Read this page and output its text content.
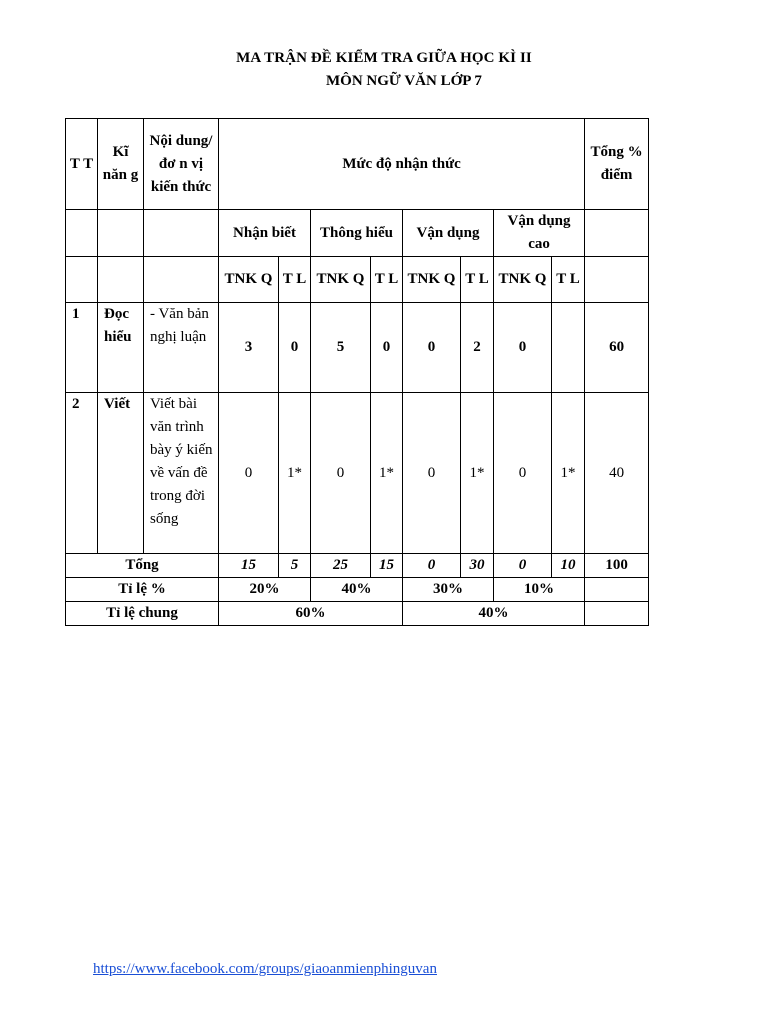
MA TRẬN ĐỀ KIỂM TRA GIỮA HỌC KÌ II
MÔN NGỮ VĂN LỚP 7
T T	Kĩ năn g	Nội dung/đơ n vị kiến thức	Mức độ nhận thức								Tổng % điểm
			Nhận biết		Thông hiểu		Vận dụng		Vận dụng cao		
			TNK Q	T L	TNK Q	T L	TNK Q	T L	TNK Q	T L	
1	Đọc hiểu	- Văn bản nghị luận	3	0	5	0	0	2	0		60
2	Viết	Viết bài văn trình bày ý kiến về vấn đề trong đời sống	0	1*	0	1*	0	1*	0	1*	40
Tổng			15	5	25	15	0	30	0	10	100
Tỉ lệ %			20%		40%		30%		10%		
Tỉ lệ chung			60%				40%				
https://www.facebook.com/groups/giaoanmienphinguvan
